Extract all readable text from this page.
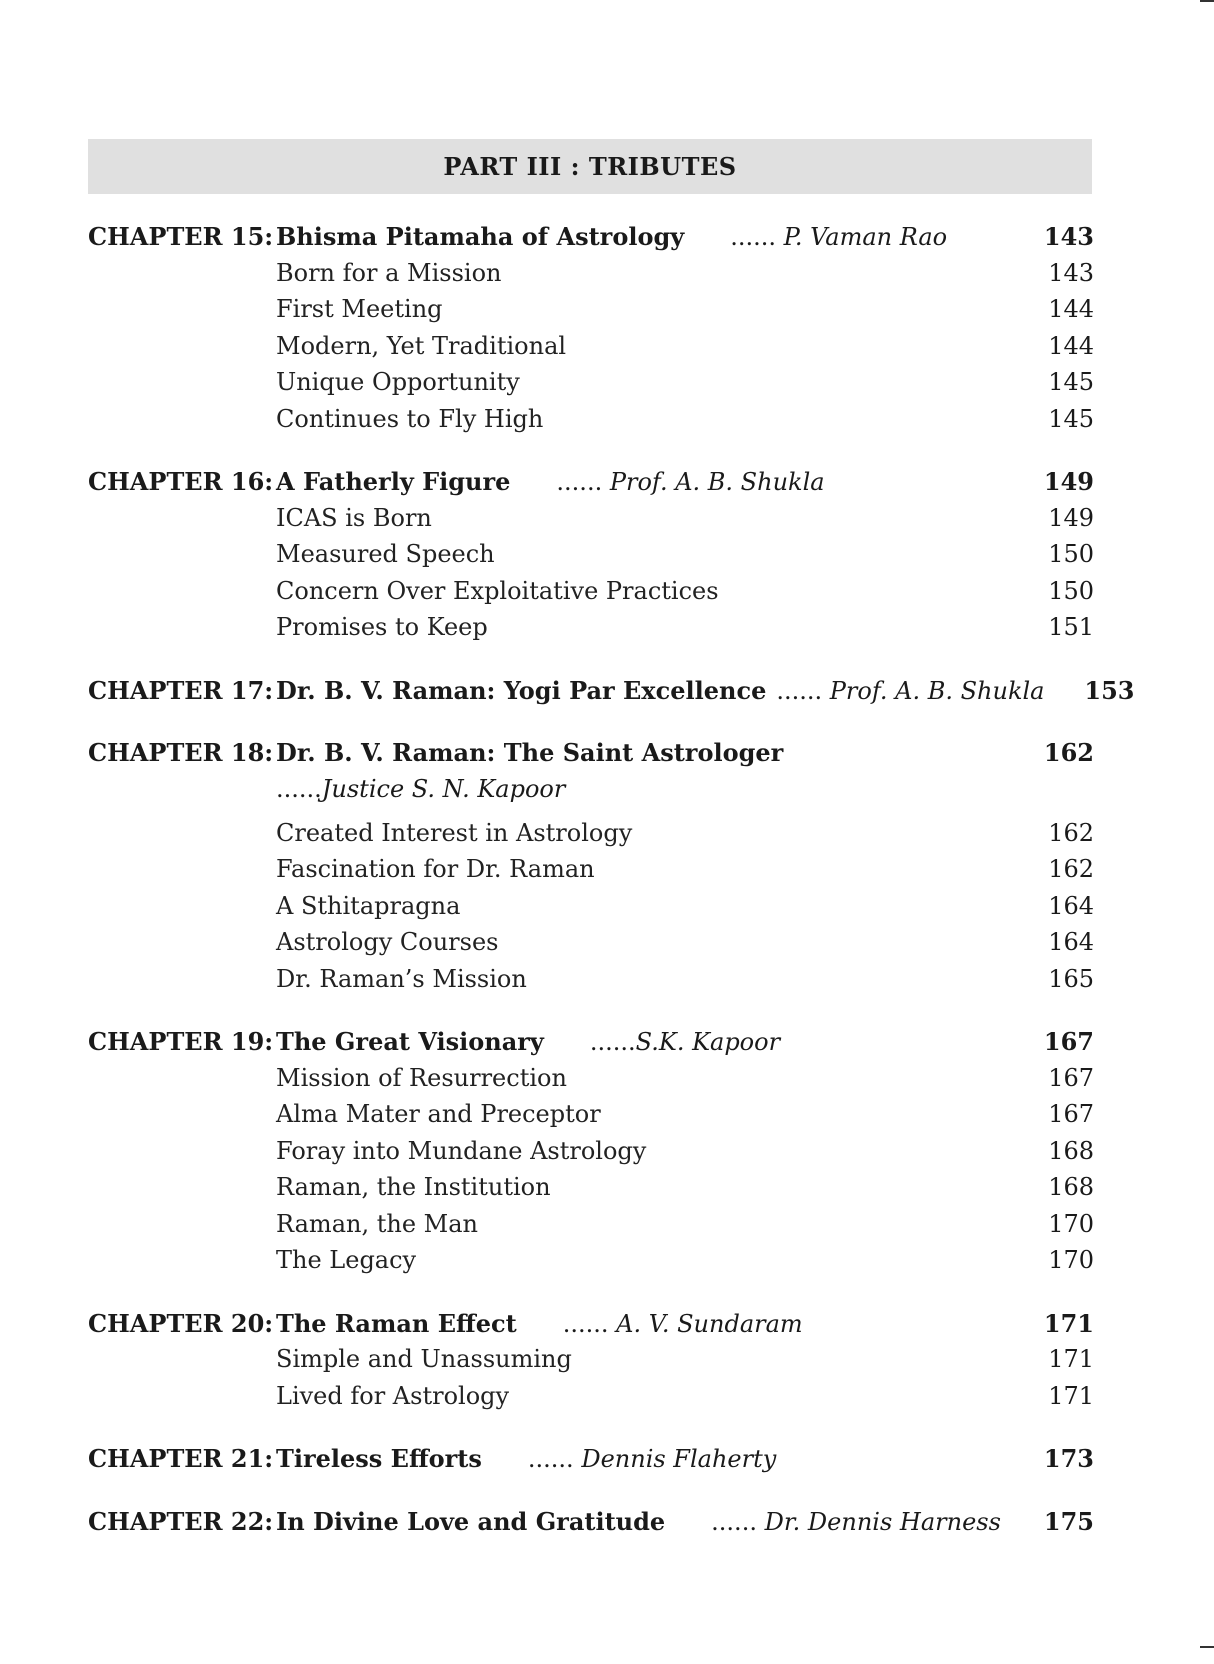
PART III : TRIBUTES
CHAPTER 15: Bhisma Pitamaha of Astrology ...... P. Vaman Rao	143
Born for a Mission	143
First Meeting	144
Modern, Yet Traditional	144
Unique Opportunity	145
Continues to Fly High	145
CHAPTER 16: A Fatherly Figure ...... Prof. A. B. Shukla	149
ICAS is Born	149
Measured Speech	150
Concern Over Exploitative Practices	150
Promises to Keep	151
CHAPTER 17: Dr. B. V. Raman: Yogi Par Excellence ...... Prof. A. B. Shukla	153
CHAPTER 18: Dr. B. V. Raman: The Saint Astrologer	162
......Justice S. N. Kapoor
Created Interest in Astrology	162
Fascination for Dr. Raman	162
A Sthitapragna	164
Astrology Courses	164
Dr. Raman’s Mission	165
CHAPTER 19: The Great Visionary ......S.K. Kapoor	167
Mission of Resurrection	167
Alma Mater and Preceptor	167
Foray into Mundane Astrology	168
Raman, the Institution	168
Raman, the Man	170
The Legacy	170
CHAPTER 20: The Raman Effect ...... A. V. Sundaram	171
Simple and Unassuming	171
Lived for Astrology	171
CHAPTER 21: Tireless Efforts ...... Dennis Flaherty	173
CHAPTER 22: In Divine Love and Gratitude ...... Dr. Dennis Harness	175
